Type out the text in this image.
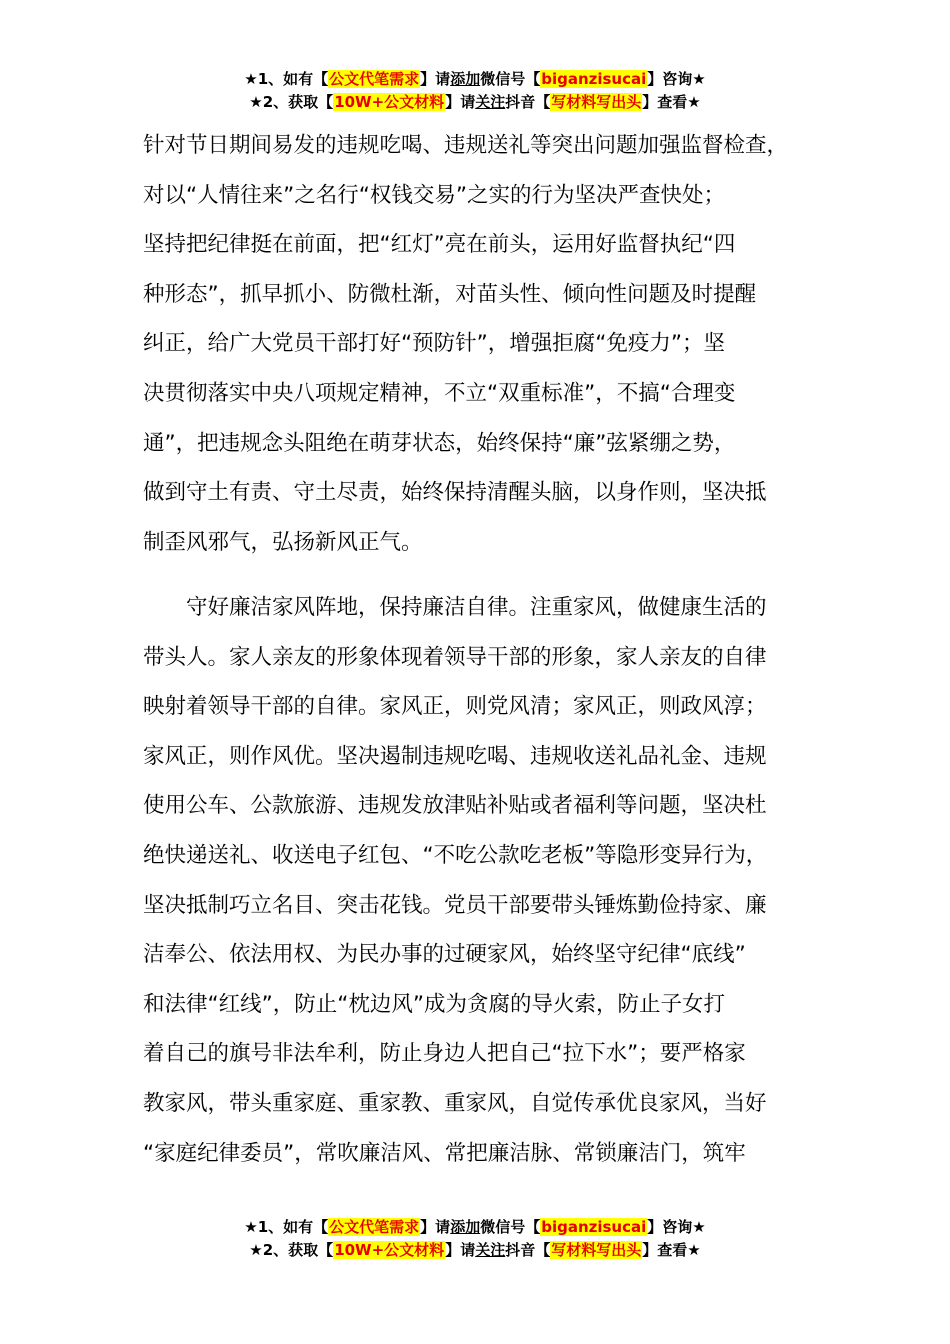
★1、如有【公文代笔需求】请添加微信号【biganzisucai】咨询★
★2、获取【10W+公文材料】请关注抖音【写材料写出头】查看★
针对节日期间易发的违规吃喝、违规送礼等突出问题加强监督检查，
对以“人情往来”之名行“权钱交易”之实的行为坚决严查快处；
坚持把纪律挺在前面，把“红灯”亮在前头，运用好监督执纪“四
种形态”，抓早抓小、防微杜渐，对苗头性、倾向性问题及时提醒
纠正，给广大党员干部打好“预防针”，增强拒腐“免疫力”；坚
决贯彻落实中央八项规定精神，不立“双重标准”，不搞“合理变
通”，把违规念头阻绝在萌芽状态，始终保持“廉”弦紧绷之势，
做到守土有责、守土尽责，始终保持清醒头脑，以身作则，坚决抵
制歪风邪气，弘扬新风正气。
守好廉洁家风阵地，保持廉洁自律。注重家风，做健康生活的
带头人。家人亲友的形象体现着领导干部的形象，家人亲友的自律
映射着领导干部的自律。家风正，则党风清；家风正，则政风淳；
家风正，则作风优。坚决遏制违规吃喝、违规收送礼品礼金、违规
使用公车、公款旅游、违规发放津贴补贴或者福利等问题，坚决杜
绝快递送礼、收送电子红包、“不吃公款吃老板”等隐形变异行为，
坚决抵制巧立名目、突击花钱。党员干部要带头锤炼勤俭持家、廉
洁奉公、依法用权、为民办事的过硬家风，始终坚守纪律“底线”
和法律“红线”，防止“枕边风”成为贪腐的导火索，防止子女打
着自己的旗号非法牟利，防止身边人把自己“拉下水”；要严格家
教家风，带头重家庭、重家教、重家风，自觉传承优良家风，当好
“家庭纪律委员”，常吹廉洁风、常把廉洁脉、常锁廉洁门，筑牢
★1、如有【公文代笔需求】请添加微信号【biganzisucai】咨询★
★2、获取【10W+公文材料】请关注抖音【写材料写出头】查看★
